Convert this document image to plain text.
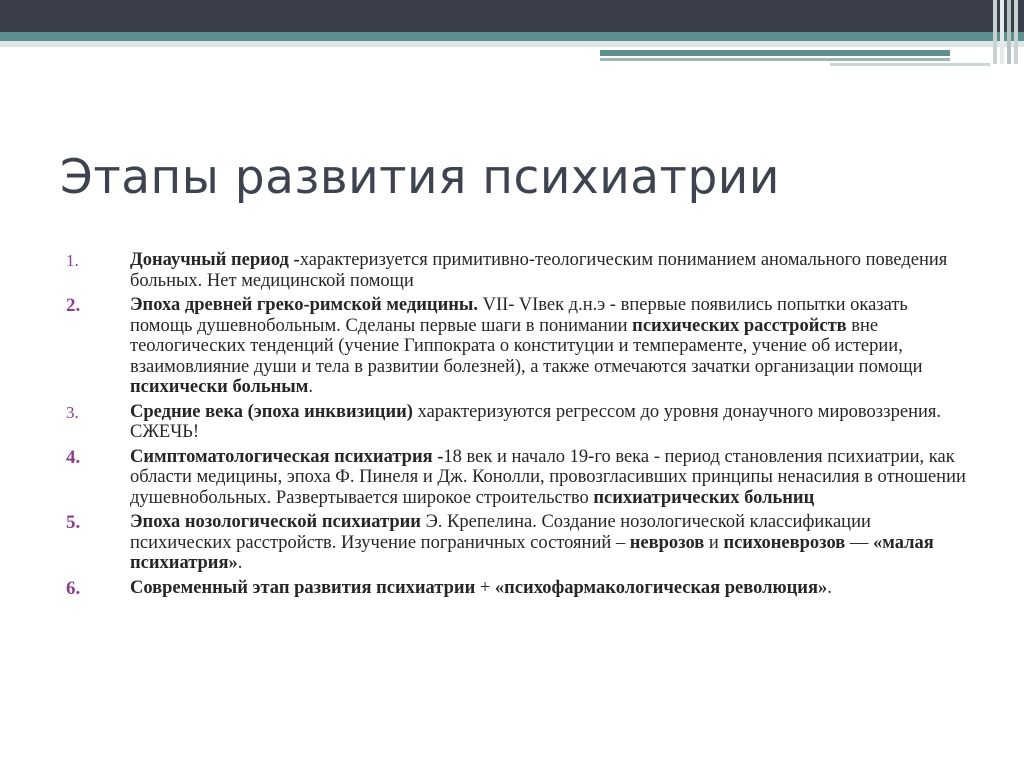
Этапы развития психиатрии
1.	Донаучный период -характеризуется примитивно-теологическим пониманием аномального поведения больных. Нет медицинской помощи
2.	Эпоха древней греко-римской медицины. VII- VIвек д.н.э - впервые появились попытки оказать помощь душевнобольным. Сделаны первые шаги в понимании психических расстройств вне теологических тенденций (учение Гиппократа о конституции и темпераменте, учение об истерии, взаимовлияние души и тела в развитии болезней), а также отмечаются зачатки организации помощи психически больным.
3.	Средние века (эпоха инквизиции) характеризуются регрессом до уровня донаучного мировоззрения. СЖЕЧЬ!
4.	Симптоматологическая психиатрия -18 век и начало 19-го века - период становления психиатрии, как области медицины, эпоха Ф. Пинеля и Дж. Конолли, провозгласивших принципы ненасилия в отношении душевнобольных. Развертывается широкое строительство психиатрических больниц
5.	Эпоха нозологической психиатрии Э. Крепелина. Создание нозологической классификации психических расстройств. Изучение пограничных состояний – неврозов и психоневрозов –– «малая психиатрия».
6.	Современный этап развития психиатрии + «психофармакологическая революция».
